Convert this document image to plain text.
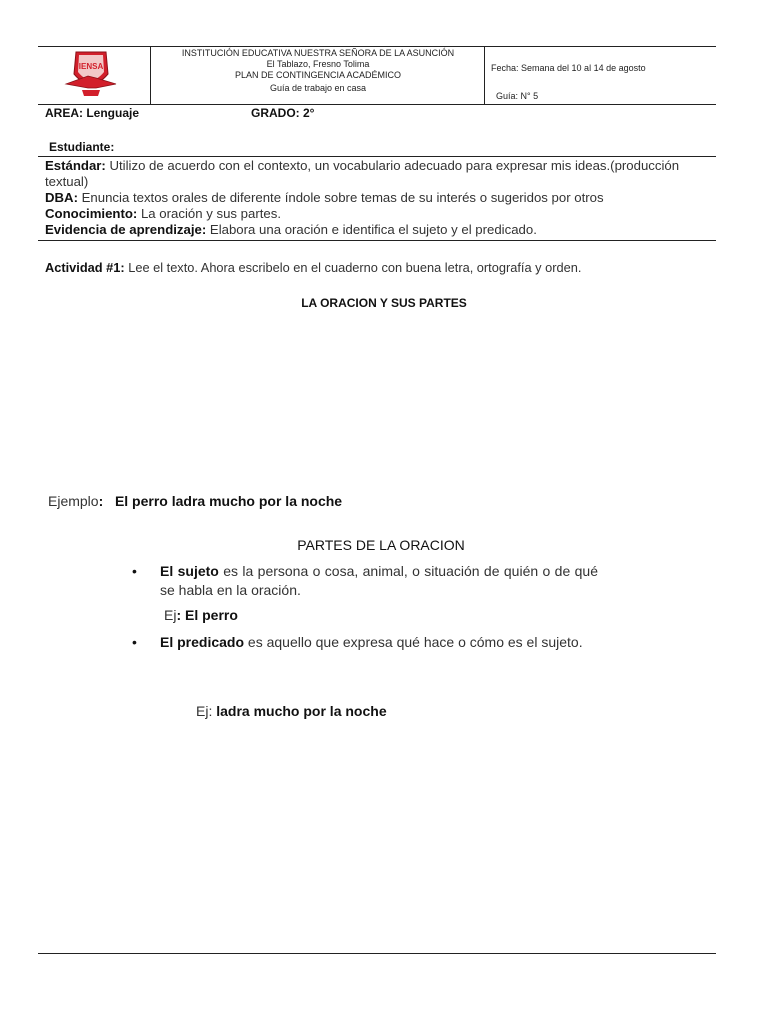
IENSA
INSTITUCIÓN EDUCATIVA NUESTRA SEÑORA DE LA ASUNCIÓN
El Tablazo, Fresno Tolima
PLAN DE CONTINGENCIA ACADÉMICO
Guía de trabajo en casa
Fecha: Semana del 10 al 14 de agosto
Guía: N° 5
AREA: Lenguaje	GRADO: 2°
Estudiante:

Estándar: Utilizo de acuerdo con el contexto, un vocabulario adecuado para expresar mis ideas.(producción textual)

DBA: Enuncia textos orales de diferente índole sobre temas de su interés o sugeridos por otros

Conocimiento: La oración y sus partes.

Evidencia de aprendizaje: Elabora una oración e identifica el sujeto y el predicado.

Actividad #1: Lee el texto. Ahora escribelo en el cuaderno con buena letra, ortografía y orden.
LA ORACION Y SUS PARTES
Ejemplo: El perro ladra mucho por la noche
PARTES DE LA ORACION
• El sujeto es la persona o cosa, animal, o situación de quién o de qué se habla en la oración.
Ej: El perro
• El predicado es aquello que expresa qué hace o cómo es el sujeto.
Ej: ladra mucho por la noche
